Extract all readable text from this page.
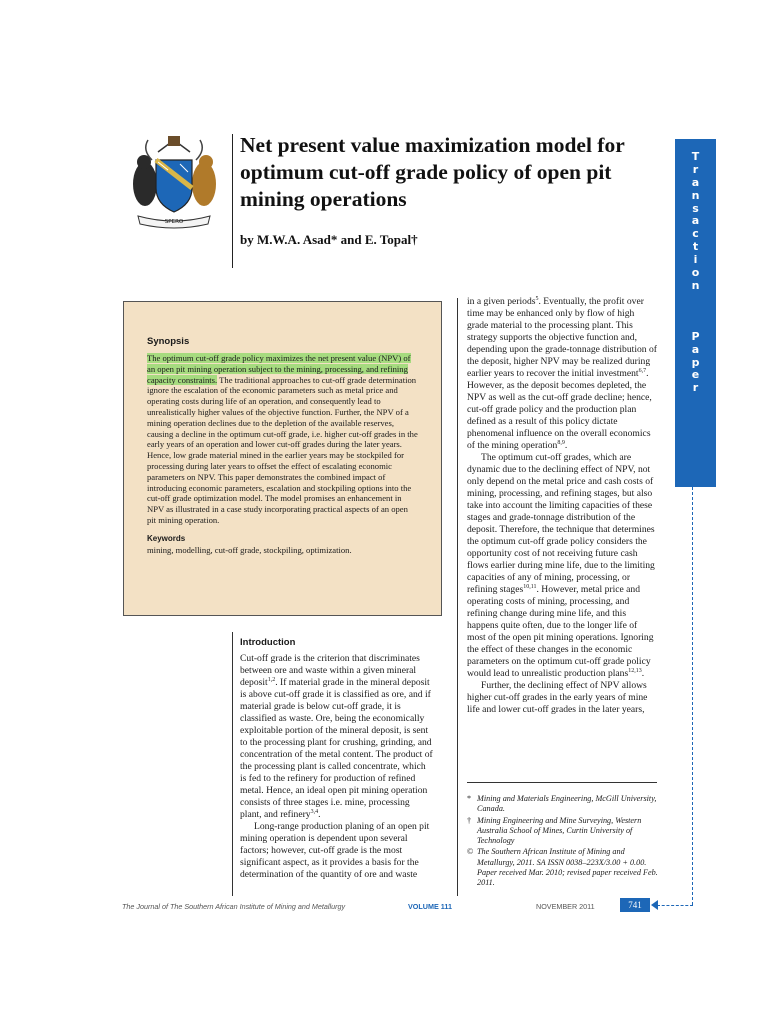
SPERO
Net present value maximization model for optimum cut-off grade policy of open pit mining operations
by M.W.A. Asad* and E. Topal†
T
r
a
n
s
a
c
t
i
o
n
P
a
p
e
r

Synopsis

The optimum cut-off grade policy maximizes the net present value (NPV) of an open pit mining operation subject to the mining, processing, and refining capacity constraints. The traditional approaches to cut-off grade determination ignore the escalation of the economic parameters such as metal price and operating costs during life of an operation, and consequently lead to unrealistically higher values of the objective function. Further, the NPV of a mining operation declines due to the depletion of the available reserves, causing a decline in the optimum cut-off grade, i.e. higher cut-off grades in the early years of an operation and lower cut-off grades during the later years. Hence, low grade material mined in the earlier years may be stockpiled for processing during later years to offset the effect of escalating economic parameters on NPV. This paper demonstrates the combined impact of introducing economic parameters, escalation and stockpiling options into the cut-off grade optimization model. The model promises an enhancement in NPV as illustrated in a case study incorporating practical aspects of an open pit mining operation.

Keywords

mining, modelling, cut-off grade, stockpiling, optimization.

Introduction

Cut-off grade is the criterion that discriminates between ore and waste within a given mineral deposit$^{1,2}$. If material grade in the mineral deposit is above cut-off grade it is classified as ore, and if material grade is below cut-off grade, it is classified as waste. Ore, being the economically exploitable portion of the mineral deposit, is sent to the processing plant for crushing, grinding, and concentration of the metal content. The product of the processing plant is called concentrate, which is fed to the refinery for production of refined metal. Hence, an ideal open pit mining operation consists of three stages i.e. mine, processing plant, and refinery$^{3,4}$.

Long-range production planing of an open pit mining operation is dependent upon several factors; however, cut-off grade is the most significant aspect, as it provides a basis for the determination of the quantity of ore and waste

in a given periods$^5$. Eventually, the profit over time may be enhanced only by flow of high grade material to the processing plant. This strategy supports the objective function and, depending upon the grade-tonnage distribution of the deposit, higher NPV may be realized during earlier years to recover the initial investment$^{6,7}$. However, as the deposit becomes depleted, the NPV as well as the cut-off grade decline; hence, cut-off grade policy and the production plan defined as a result of this policy dictate phenomenal influence on the overall economics of the mining operation$^{8,9}$.

The optimum cut-off grades, which are dynamic due to the declining effect of NPV, not only depend on the metal price and cash costs of mining, processing, and refining stages, but also take into account the limiting capacities of these stages and grade-tonnage distribution of the deposit. Therefore, the technique that determines the optimum cut-off grade policy considers the opportunity cost of not receiving future cash flows earlier during mine life, due to the limiting capacities of any of mining, processing, or refining stages$^{10,11}$. However, metal price and operating costs of mining, processing, and refining change during mine life, and this happens quite often, due to the longer life of most of the open pit mining operations. Ignoring the effect of these changes in the economic parameters on the optimum cut-off grade policy would lead to unrealistic production plans$^{12,13}$.

Further, the declining effect of NPV allows higher cut-off grades in the early years of mine life and lower cut-off grades in the later years,

* Mining and Materials Engineering, McGill University, Canada.
† Mining Engineering and Mine Surveying, Western Australia School of Mines, Curtin University of Technology
© The Southern African Institute of Mining and Metallurgy, 2011. SA ISSN 0038–223X/3.00 + 0.00. Paper received Mar. 2010; revised paper received Feb. 2011.
The Journal of The Southern African Institute of Mining and Metallurgy	VOLUME 111	NOVEMBER 2011	741
